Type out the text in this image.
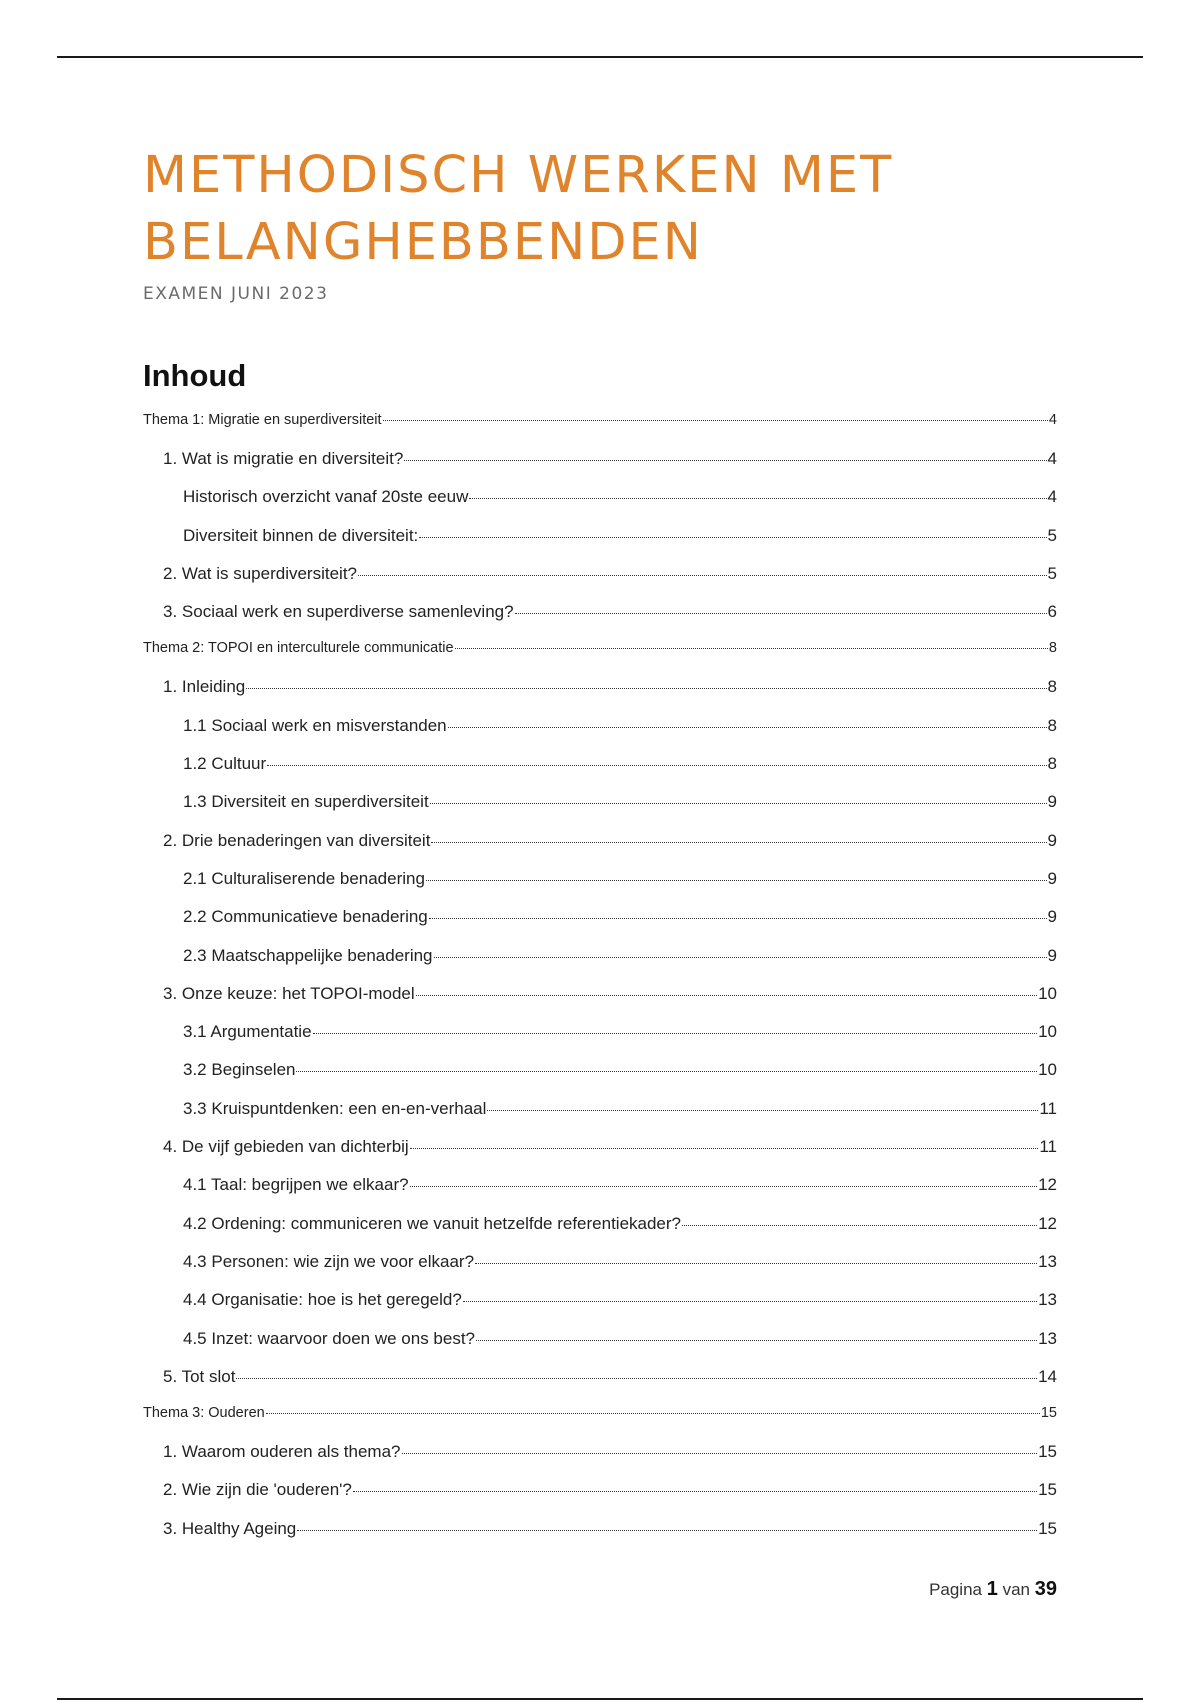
METHODISCH WERKEN MET BELANGHEBBENDEN

EXAMEN JUNI 2023

Inhoud
Thema 1: Migratie en superdiversiteit	4
1. Wat is migratie en diversiteit?	4
Historisch overzicht vanaf 20ste eeuw	4
Diversiteit binnen de diversiteit:	5
2. Wat is superdiversiteit?	5
3. Sociaal werk en superdiverse samenleving?	6
Thema 2: TOPOI en interculturele communicatie	8
1. Inleiding	8
1.1 Sociaal werk en misverstanden	8
1.2 Cultuur	8
1.3 Diversiteit en superdiversiteit	9
2. Drie benaderingen van diversiteit	9
2.1 Culturaliserende benadering	9
2.2 Communicatieve benadering	9
2.3 Maatschappelijke benadering	9
3. Onze keuze: het TOPOI-model	10
3.1 Argumentatie	10
3.2 Beginselen	10
3.3 Kruispuntdenken: een en-en-verhaal	11
4. De vijf gebieden van dichterbij	11
4.1 Taal: begrijpen we elkaar?	12
4.2 Ordening: communiceren we vanuit hetzelfde referentiekader?	12
4.3 Personen: wie zijn we voor elkaar?	13
4.4 Organisatie: hoe is het geregeld?	13
4.5 Inzet: waarvoor doen we ons best?	13
5. Tot slot	14
Thema 3: Ouderen	15
1. Waarom ouderen als thema?	15
2. Wie zijn die 'ouderen'?	15
3. Healthy Ageing	15
Pagina 1 van 39
